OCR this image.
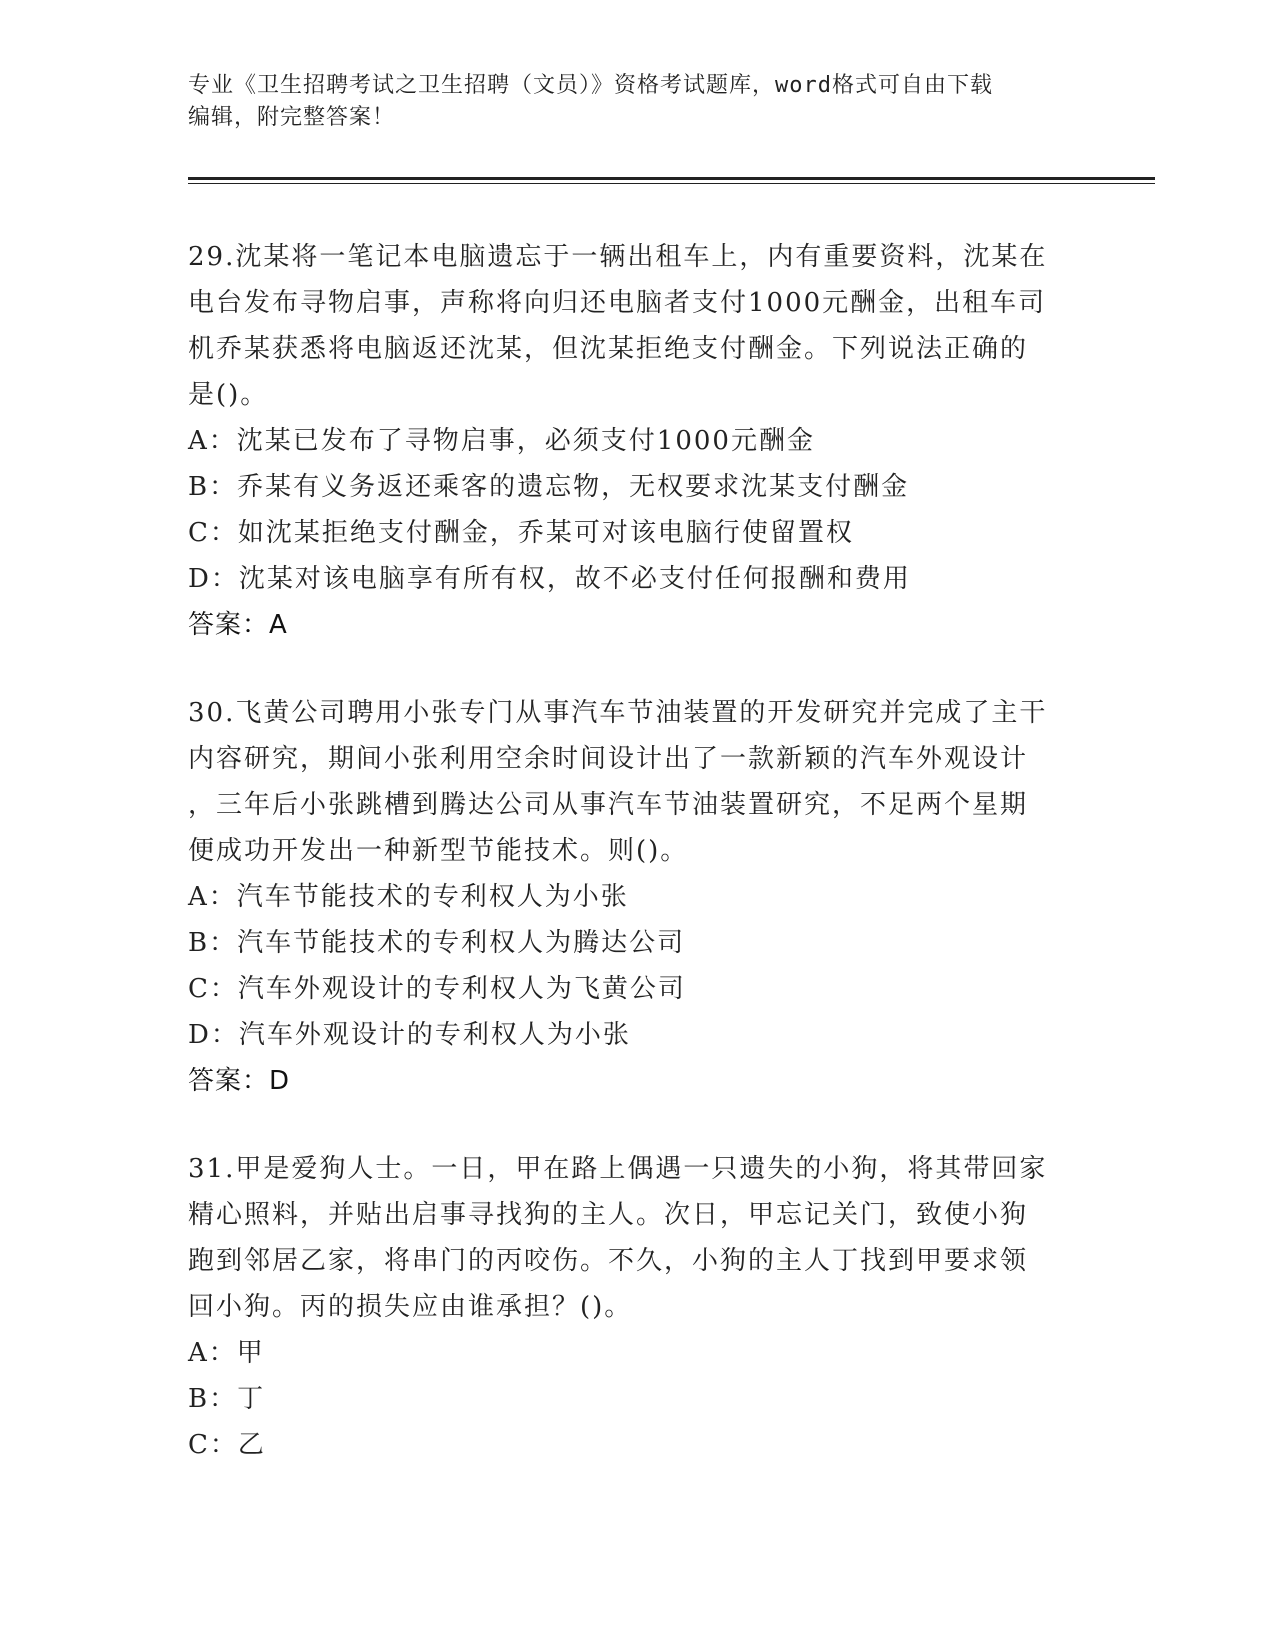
专业《卫生招聘考试之卫生招聘（文员）》资格考试题库，word格式可自由下载
编辑，附完整答案！
29.沈某将一笔记本电脑遗忘于一辆出租车上，内有重要资料，沈某在
电台发布寻物启事，声称将向归还电脑者支付1000元酬金，出租车司
机乔某获悉将电脑返还沈某，但沈某拒绝支付酬金。下列说法正确的
是()。
A：沈某已发布了寻物启事，必须支付1000元酬金
B：乔某有义务返还乘客的遗忘物，无权要求沈某支付酬金
C：如沈某拒绝支付酬金，乔某可对该电脑行使留置权
D：沈某对该电脑享有所有权，故不必支付任何报酬和费用
答案：A
30.飞黄公司聘用小张专门从事汽车节油装置的开发研究并完成了主干
内容研究，期间小张利用空余时间设计出了一款新颖的汽车外观设计
，三年后小张跳槽到腾达公司从事汽车节油装置研究，不足两个星期
便成功开发出一种新型节能技术。则()。
A：汽车节能技术的专利权人为小张
B：汽车节能技术的专利权人为腾达公司
C：汽车外观设计的专利权人为飞黄公司
D：汽车外观设计的专利权人为小张
答案：D
31.甲是爱狗人士。一日，甲在路上偶遇一只遗失的小狗，将其带回家
精心照料，并贴出启事寻找狗的主人。次日，甲忘记关门，致使小狗
跑到邻居乙家，将串门的丙咬伤。不久，小狗的主人丁找到甲要求领
回小狗。丙的损失应由谁承担？()。
A：甲
B：丁
C：乙
